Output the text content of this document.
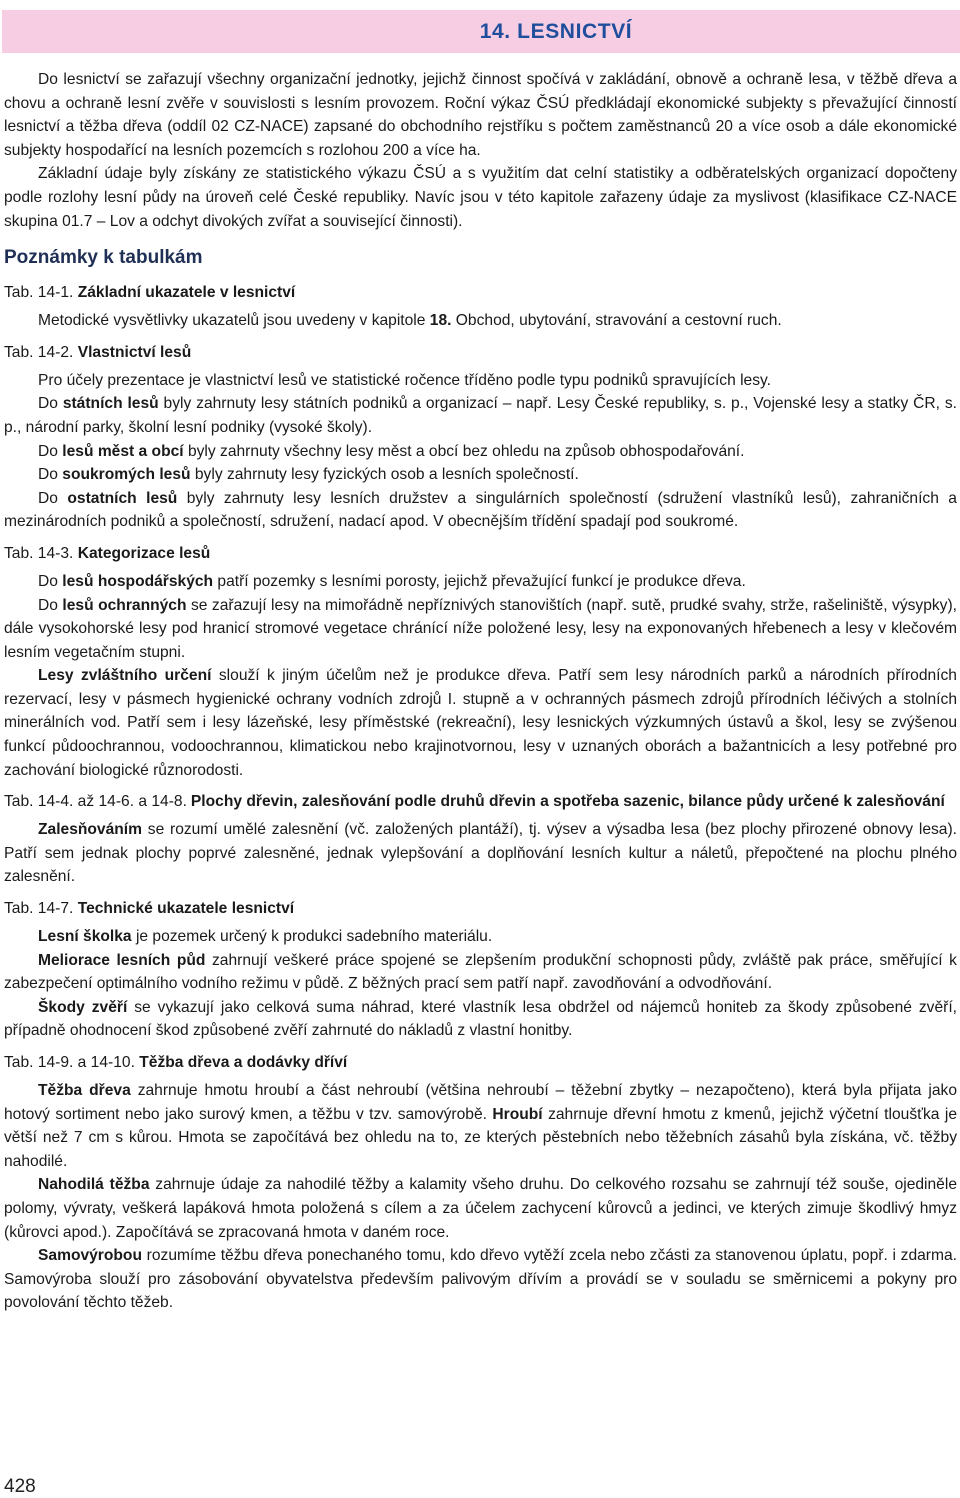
14. LESNICTVÍ

Do lesnictví se zařazují všechny organizační jednotky, jejichž činnost spočívá v zakládání, obnově a ochraně lesa, v těžbě dřeva a chovu a ochraně lesní zvěře v souvislosti s lesním provozem. Roční výkaz ČSÚ předkládají ekonomické subjekty s převažující činností lesnictví a těžba dřeva (oddíl 02 CZ-NACE) zapsané do obchodního rejstříku s počtem zaměstnanců 20 a více osob a dále ekonomické subjekty hospodařící na lesních pozemcích s rozlohou 200 a více ha.

Základní údaje byly získány ze statistického výkazu ČSÚ a s využitím dat celní statistiky a odběratelských organizací dopočteny podle rozlohy lesní půdy na úroveň celé České republiky. Navíc jsou v této kapitole zařazeny údaje za myslivost (klasifikace CZ-NACE skupina 01.7 – Lov a odchyt divokých zvířat a související činnosti).

Poznámky k tabulkám
Tab. 14-1. Základní ukazatele v lesnictví

Metodické vysvětlivky ukazatelů jsou uvedeny v kapitole 18. Obchod, ubytování, stravování a cestovní ruch.

Tab. 14-2. Vlastnictví lesů

Pro účely prezentace je vlastnictví lesů ve statistické ročence tříděno podle typu podniků spravujících lesy.

Do státních lesů byly zahrnuty lesy státních podniků a organizací – např. Lesy České republiky, s. p., Vojenské lesy a statky ČR, s. p., národní parky, školní lesní podniky (vysoké školy).

Do lesů měst a obcí byly zahrnuty všechny lesy měst a obcí bez ohledu na způsob obhospodařování.

Do soukromých lesů byly zahrnuty lesy fyzických osob a lesních společností.

Do ostatních lesů byly zahrnuty lesy lesních družstev a singulárních společností (sdružení vlastníků lesů), zahraničních a mezinárodních podniků a společností, sdružení, nadací apod. V obecnějším třídění spadají pod soukromé.

Tab. 14-3. Kategorizace lesů

Do lesů hospodářských patří pozemky s lesními porosty, jejichž převažující funkcí je produkce dřeva.

Do lesů ochranných se zařazují lesy na mimořádně nepříznivých stanovištích (např. sutě, prudké svahy, strže, rašeliniště, výsypky), dále vysokohorské lesy pod hranicí stromové vegetace chránící níže položené lesy, lesy na exponovaných hřebenech a lesy v klečovém lesním vegetačním stupni.

Lesy zvláštního určení slouží k jiným účelům než je produkce dřeva. Patří sem lesy národních parků a národních přírodních rezervací, lesy v pásmech hygienické ochrany vodních zdrojů I. stupně a v ochranných pásmech zdrojů přírodních léčivých a stolních minerálních vod. Patří sem i lesy lázeňské, lesy příměstské (rekreační), lesy lesnických výzkumných ústavů a škol, lesy se zvýšenou funkcí půdoochrannou, vodoochrannou, klimatickou nebo krajinotvornou, lesy v uznaných oborách a bažantnicích a lesy potřebné pro zachování biologické různorodosti.

Tab. 14-4. až 14-6. a 14-8. Plochy dřevin, zalesňování podle druhů dřevin a spotřeba sazenic, bilance půdy určené k zalesňování

Zalesňováním se rozumí umělé zalesnění (vč. založených plantáží), tj. výsev a výsadba lesa (bez plochy přirozené obnovy lesa). Patří sem jednak plochy poprvé zalesněné, jednak vylepšování a doplňování lesních kultur a náletů, přepočtené na plochu plného zalesnění.

Tab. 14-7. Technické ukazatele lesnictví

Lesní školka je pozemek určený k produkci sadebního materiálu.

Meliorace lesních půd zahrnují veškeré práce spojené se zlepšením produkční schopnosti půdy, zvláště pak práce, směřující k zabezpečení optimálního vodního režimu v půdě. Z běžných prací sem patří např. zavodňování a odvodňování.

Škody zvěří se vykazují jako celková suma náhrad, které vlastník lesa obdržel od nájemců honiteb za škody způsobené zvěří, případně ohodnocení škod způsobené zvěří zahrnuté do nákladů z vlastní honitby.

Tab. 14-9. a 14-10. Těžba dřeva a dodávky dříví

Těžba dřeva zahrnuje hmotu hroubí a část nehroubí (většina nehroubí – těžební zbytky – nezapočteno), která byla přijata jako hotový sortiment nebo jako surový kmen, a těžbu v tzv. samovýrobě. Hroubí zahrnuje dřevní hmotu z kmenů, jejichž výčetní tloušťka je větší než 7 cm s kůrou. Hmota se započítává bez ohledu na to, ze kterých pěstebních nebo těžebních zásahů byla získána, vč. těžby nahodilé.

Nahodilá těžba zahrnuje údaje za nahodilé těžby a kalamity všeho druhu. Do celkového rozsahu se zahrnují též souše, ojediněle polomy, vývraty, veškerá lapáková hmota položená s cílem a za účelem zachycení kůrovců a jedinci, ve kterých zimuje škodlivý hmyz (kůrovci apod.). Započítává se zpracovaná hmota v daném roce.

Samovýrobou rozumíme těžbu dřeva ponechaného tomu, kdo dřevo vytěží zcela nebo zčásti za stanovenou úplatu, popř. i zdarma. Samovýroba slouží pro zásobování obyvatelstva především palivovým dřívím a provádí se v souladu se směrnicemi a pokyny pro povolování těchto těžeb.

428
